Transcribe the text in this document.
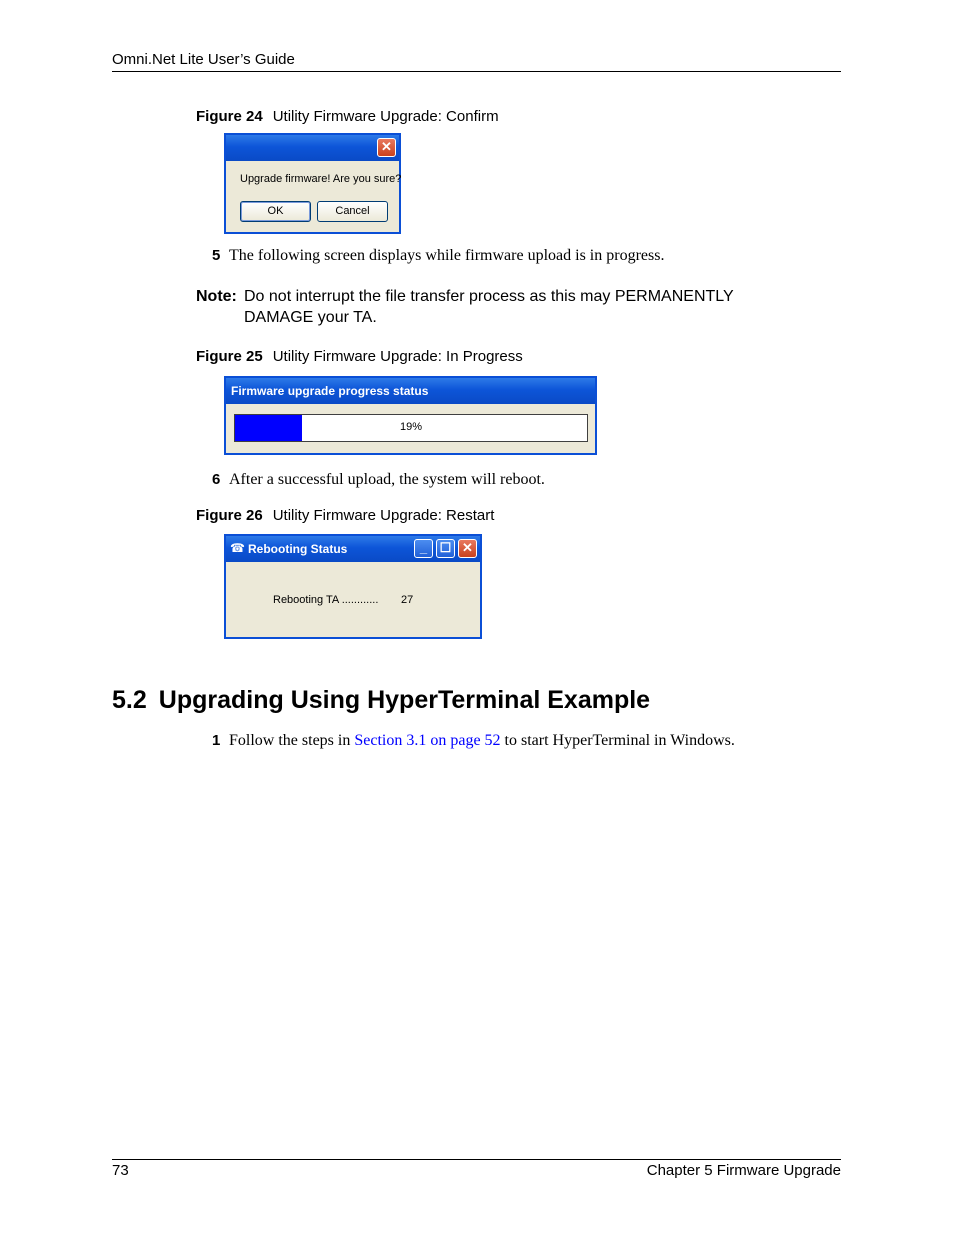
Omni.Net Lite User’s Guide
Figure 24 Utility Firmware Upgrade: Confirm
✕
Upgrade firmware! Are you sure?
OK	Cancel
5 The following screen displays while firmware upload is in progress.
Note: Do not interrupt the file transfer process as this may PERMANENTLY DAMAGE your TA.
Figure 25 Utility Firmware Upgrade: In Progress
Firmware upgrade progress status
19%
6 After a successful upload, the system will reboot.
Figure 26 Utility Firmware Upgrade: Restart
☎ Rebooting Status	_ ☐ ✕
Rebooting TA ............ 27
5.2 Upgrading Using HyperTerminal Example
1 Follow the steps in Section 3.1 on page 52 to start HyperTerminal in Windows.
73	Chapter 5 Firmware Upgrade
